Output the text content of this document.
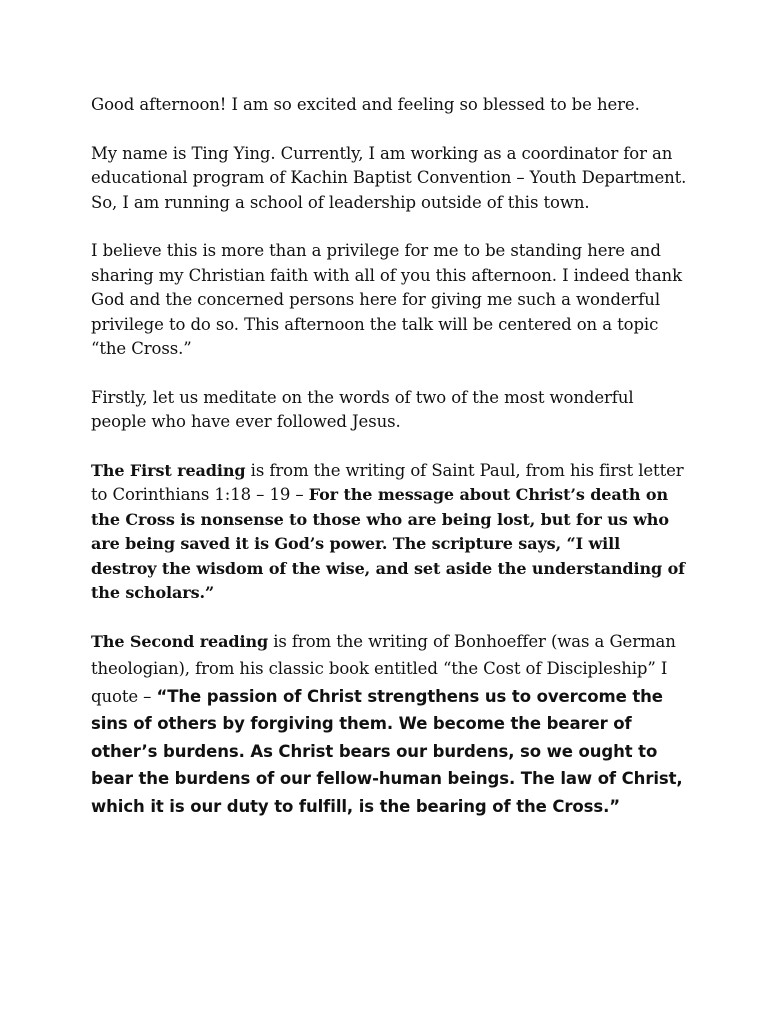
Good afternoon! I am so excited and feeling so blessed to be here.

My name is Ting Ying. Currently, I am working as a coordinator for an educational program of Kachin Baptist Convention – Youth Department. So, I am running a school of leadership outside of this town.

I believe this is more than a privilege for me to be standing here and sharing my Christian faith with all of you this afternoon. I indeed thank God and the concerned persons here for giving me such a wonderful privilege to do so. This afternoon the talk will be centered on a topic “the Cross.”

Firstly, let us meditate on the words of two of the most wonderful people who have ever followed Jesus.

The First reading is from the writing of Saint Paul, from his first letter to Corinthians 1:18 – 19 – For the message about Christ’s death on the Cross is nonsense to those who are being lost, but for us who are being saved it is God’s power. The scripture says, “I will destroy the wisdom of the wise, and set aside the understanding of the scholars.”

The Second reading is from the writing of Bonhoeffer (was a German theologian), from his classic book entitled “the Cost of Discipleship” I quote – “The passion of Christ strengthens us to overcome the sins of others by forgiving them. We become the bearer of other’s burdens. As Christ bears our burdens, so we ought to bear the burdens of our fellow-human beings. The law of Christ, which it is our duty to fulfill, is the bearing of the Cross.”
